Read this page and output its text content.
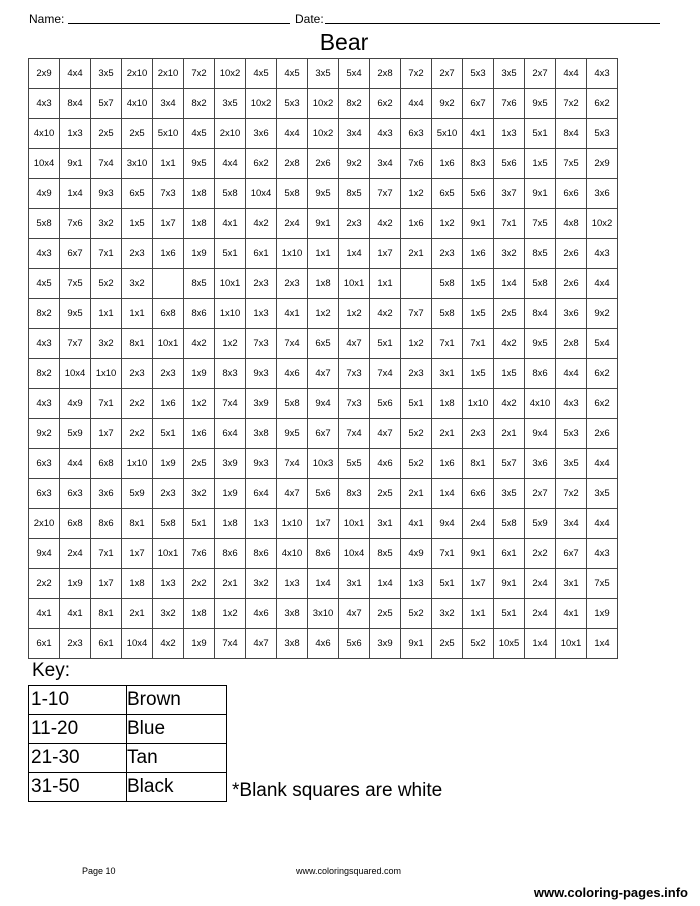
Name:	Date:
Bear
2x9	4x4	3x5	2x10	2x10	7x2	10x2	4x5	4x5	3x5	5x4	2x8	7x2	2x7	5x3	3x5	2x7	4x4	4x3
4x3	8x4	5x7	4x10	3x4	8x2	3x5	10x2	5x3	10x2	8x2	6x2	4x4	9x2	6x7	7x6	9x5	7x2	6x2
4x10	1x3	2x5	2x5	5x10	4x5	2x10	3x6	4x4	10x2	3x4	4x3	6x3	5x10	4x1	1x3	5x1	8x4	5x3
10x4	9x1	7x4	3x10	1x1	9x5	4x4	6x2	2x8	2x6	9x2	3x4	7x6	1x6	8x3	5x6	1x5	7x5	2x9
4x9	1x4	9x3	6x5	7x3	1x8	5x8	10x4	5x8	9x5	8x5	7x7	1x2	6x5	5x6	3x7	9x1	6x6	3x6
5x8	7x6	3x2	1x5	1x7	1x8	4x1	4x2	2x4	9x1	2x3	4x2	1x6	1x2	9x1	7x1	7x5	4x8	10x2
4x3	6x7	7x1	2x3	1x6	1x9	5x1	6x1	1x10	1x1	1x4	1x7	2x1	2x3	1x6	3x2	8x5	2x6	4x3
4x5	7x5	5x2	3x2		8x5	10x1	2x3	2x3	1x8	10x1	1x1		5x8	1x5	1x4	5x8	2x6	4x4
8x2	9x5	1x1	1x1	6x8	8x6	1x10	1x3	4x1	1x2	1x2	4x2	7x7	5x8	1x5	2x5	8x4	3x6	9x2
4x3	7x7	3x2	8x1	10x1	4x2	1x2	7x3	7x4	6x5	4x7	5x1	1x2	7x1	7x1	4x2	9x5	2x8	5x4
8x2	10x4	1x10	2x3	2x3	1x9	8x3	9x3	4x6	4x7	7x3	7x4	2x3	3x1	1x5	1x5	8x6	4x4	6x2
4x3	4x9	7x1	2x2	1x6	1x2	7x4	3x9	5x8	9x4	7x3	5x6	5x1	1x8	1x10	4x2	4x10	4x3	6x2
9x2	5x9	1x7	2x2	5x1	1x6	6x4	3x8	9x5	6x7	7x4	4x7	5x2	2x1	2x3	2x1	9x4	5x3	2x6
6x3	4x4	6x8	1x10	1x9	2x5	3x9	9x3	7x4	10x3	5x5	4x6	5x2	1x6	8x1	5x7	3x6	3x5	4x4
6x3	6x3	3x6	5x9	2x3	3x2	1x9	6x4	4x7	5x6	8x3	2x5	2x1	1x4	6x6	3x5	2x7	7x2	3x5
2x10	6x8	8x6	8x1	5x8	5x1	1x8	1x3	1x10	1x7	10x1	3x1	4x1	9x4	2x4	5x8	5x9	3x4	4x4
9x4	2x4	7x1	1x7	10x1	7x6	8x6	8x6	4x10	8x6	10x4	8x5	4x9	7x1	9x1	6x1	2x2	6x7	4x3
2x2	1x9	1x7	1x8	1x3	2x2	2x1	3x2	1x3	1x4	3x1	1x4	1x3	5x1	1x7	9x1	2x4	3x1	7x5
4x1	4x1	8x1	2x1	3x2	1x8	1x2	4x6	3x8	3x10	4x7	2x5	5x2	3x2	1x1	5x1	2x4	4x1	1x9
6x1	2x3	6x1	10x4	4x2	1x9	7x4	4x7	3x8	4x6	5x6	3x9	9x1	2x5	5x2	10x5	1x4	10x1	1x4
Key:
1-10	Brown
11-20	Blue
21-30	Tan
31-50	Black	*Blank squares are white
Page 10	www.coloringsquared.com
www.coloring-pages.info
